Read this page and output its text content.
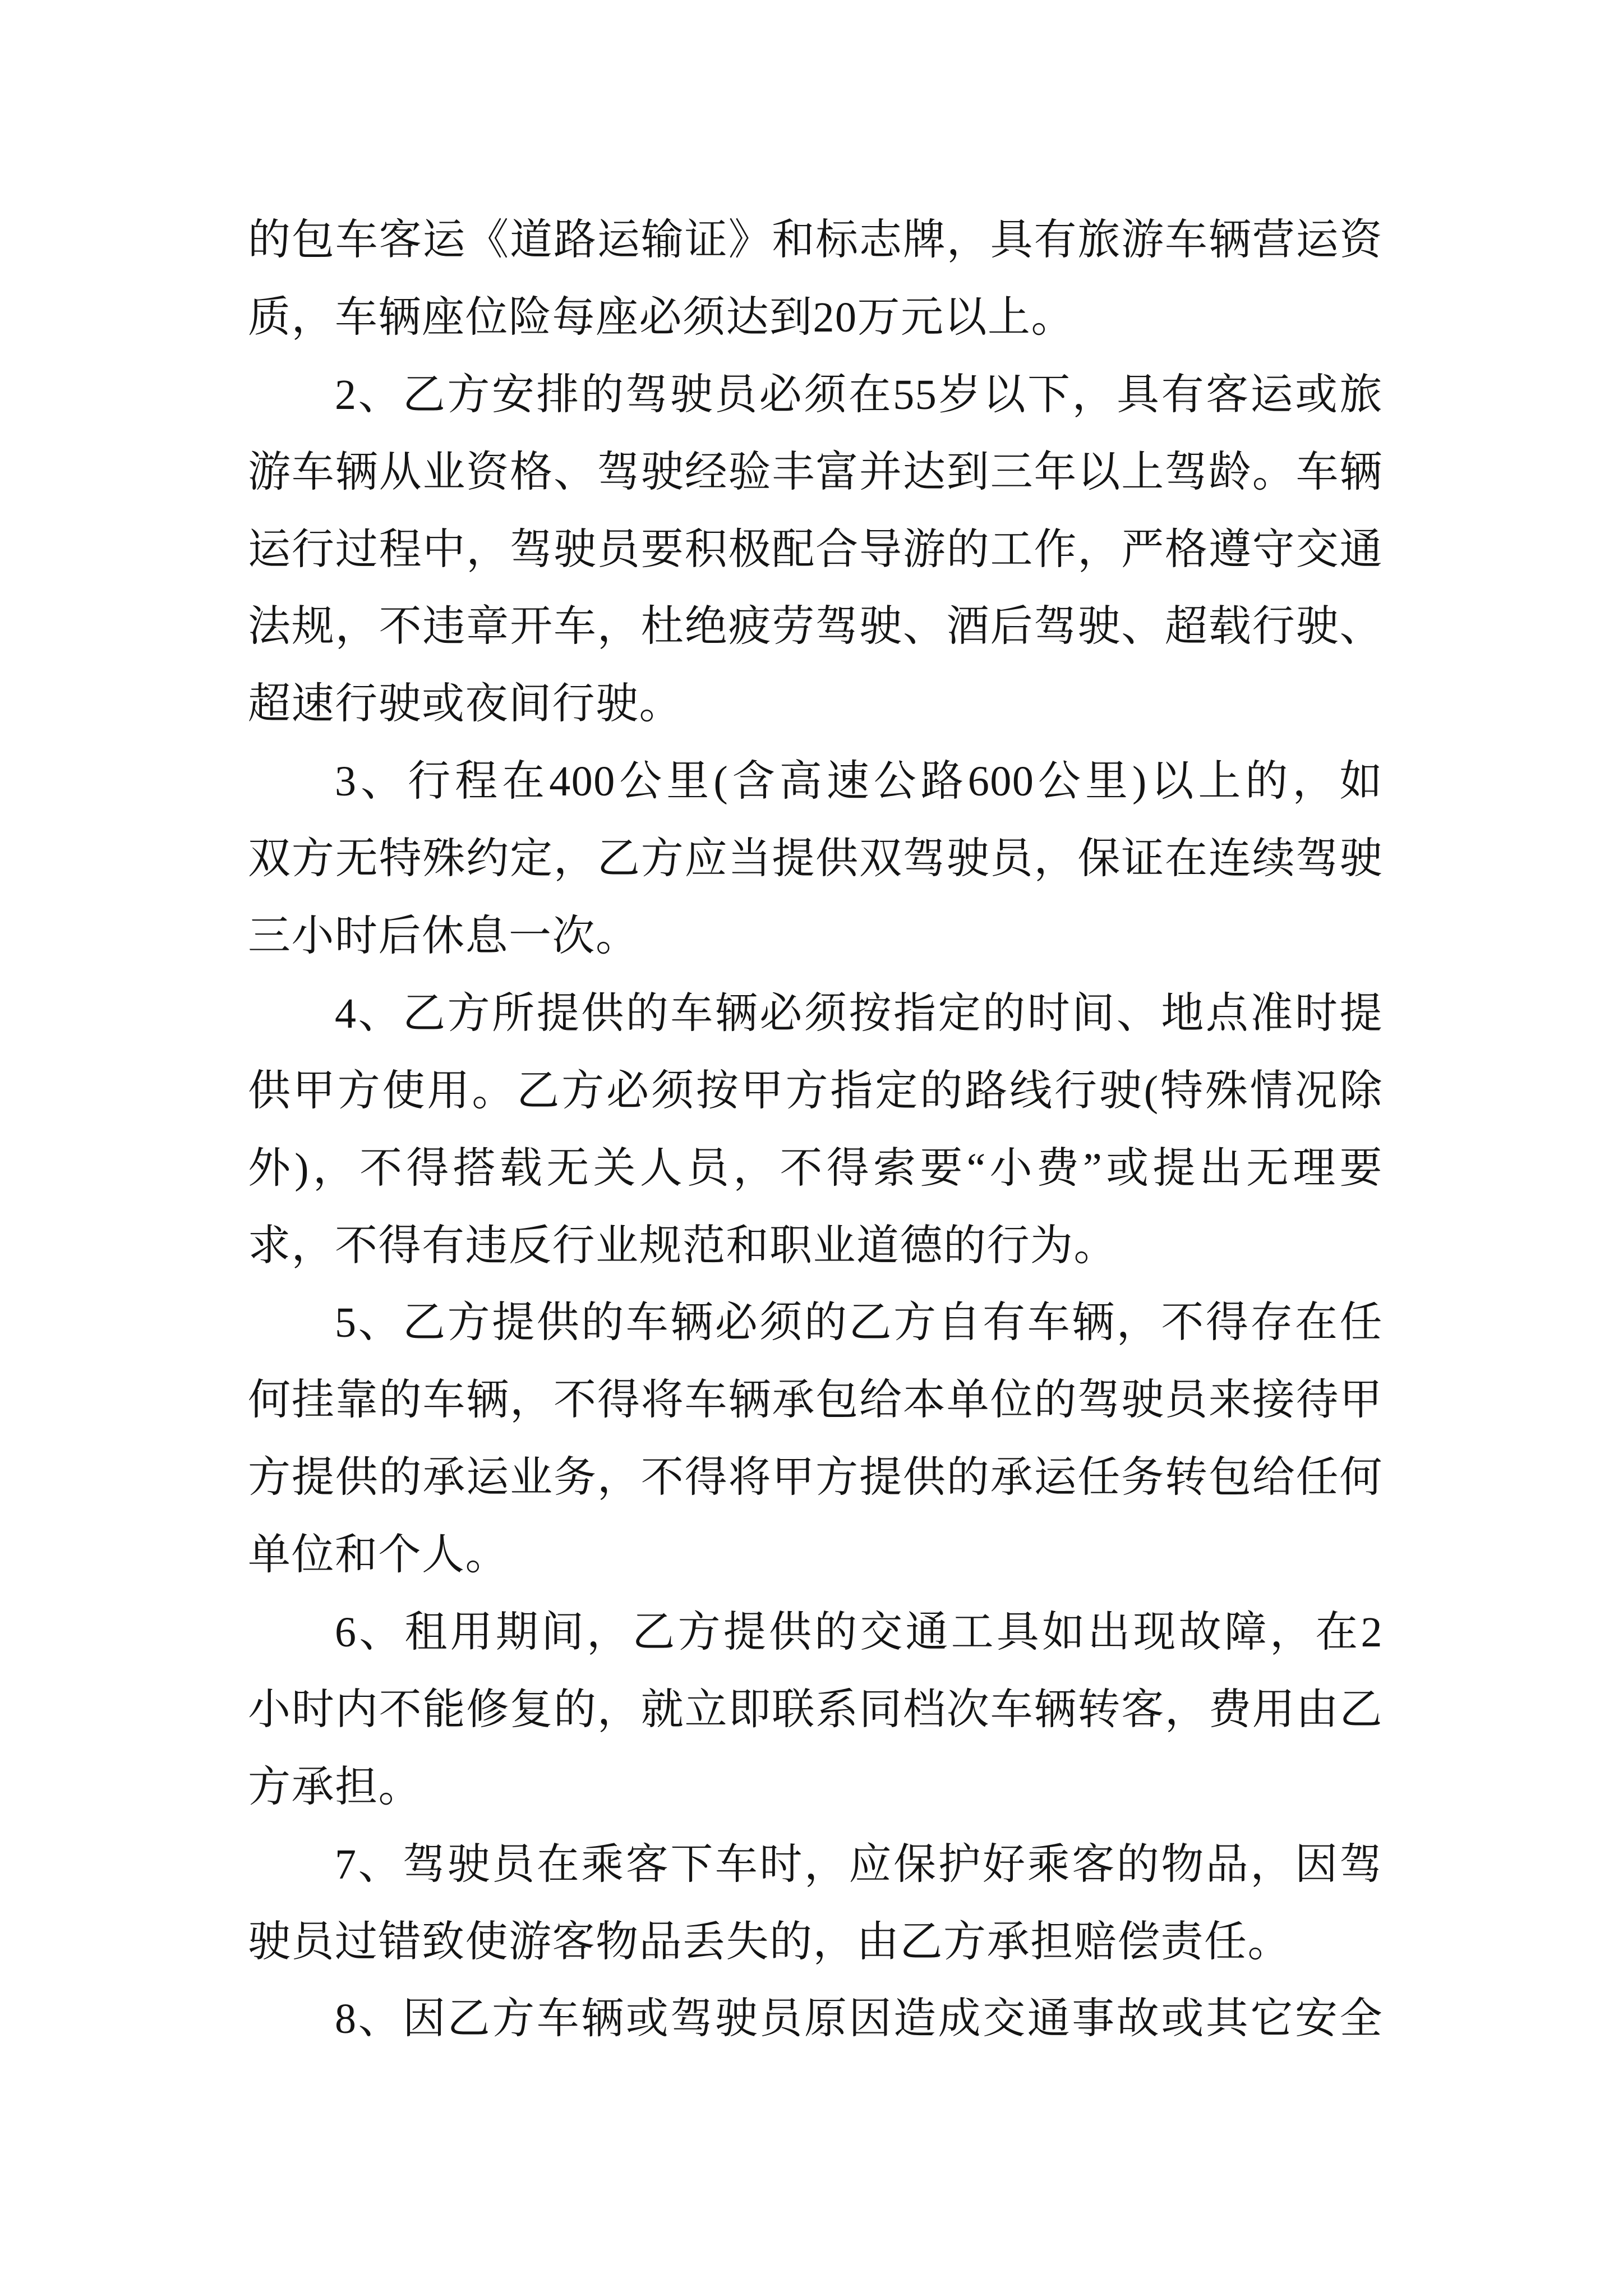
的包车客运《道路运输证》和标志牌，具有旅游车辆营运资
质，车辆座位险每座必须达到20万元以上。
2、乙方安排的驾驶员必须在55岁以下，具有客运或旅
游车辆从业资格、驾驶经验丰富并达到三年以上驾龄。车辆
运行过程中，驾驶员要积极配合导游的工作，严格遵守交通
法规，不违章开车，杜绝疲劳驾驶、酒后驾驶、超载行驶、
超速行驶或夜间行驶。
3、行程在400公里(含高速公路600公里)以上的，如
双方无特殊约定，乙方应当提供双驾驶员，保证在连续驾驶
三小时后休息一次。
4、乙方所提供的车辆必须按指定的时间、地点准时提
供甲方使用。乙方必须按甲方指定的路线行驶(特殊情况除
外)，不得搭载无关人员，不得索要“小费”或提出无理要
求，不得有违反行业规范和职业道德的行为。
5、乙方提供的车辆必须的乙方自有车辆，不得存在任
何挂靠的车辆，不得将车辆承包给本单位的驾驶员来接待甲
方提供的承运业务，不得将甲方提供的承运任务转包给任何
单位和个人。
6、租用期间，乙方提供的交通工具如出现故障，在2
小时内不能修复的，就立即联系同档次车辆转客，费用由乙
方承担。
7、驾驶员在乘客下车时，应保护好乘客的物品，因驾
驶员过错致使游客物品丢失的，由乙方承担赔偿责任。
8、因乙方车辆或驾驶员原因造成交通事故或其它安全
